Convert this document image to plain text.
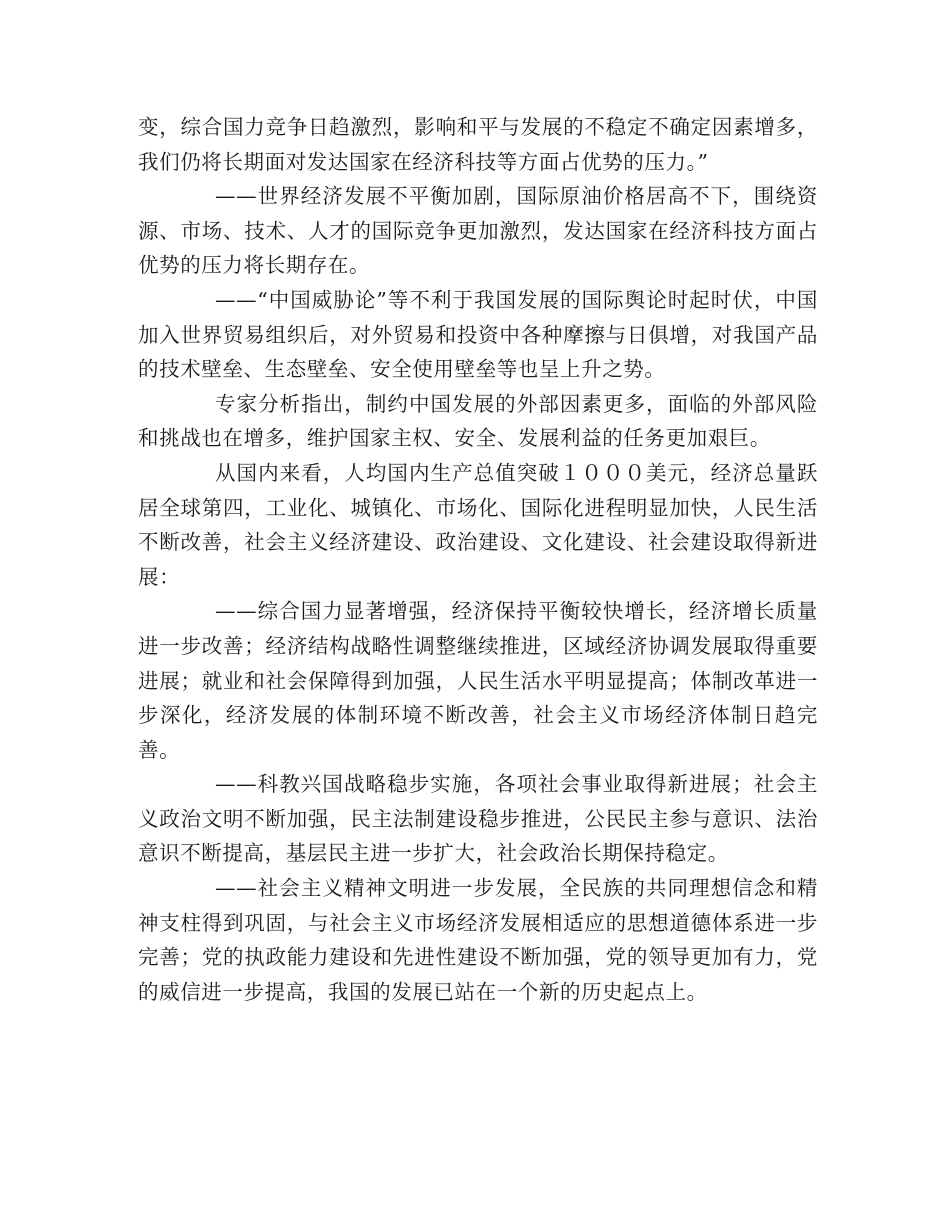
变，综合国力竞争日趋激烈，影响和平与发展的不稳定不确定因素增多，我们仍将长期面对发达国家在经济科技等方面占优势的压力。”

——世界经济发展不平衡加剧，国际原油价格居高不下，围绕资源、市场、技术、人才的国际竞争更加激烈，发达国家在经济科技方面占优势的压力将长期存在。

——“中国威胁论”等不利于我国发展的国际舆论时起时伏，中国加入世界贸易组织后，对外贸易和投资中各种摩擦与日俱增，对我国产品的技术壁垒、生态壁垒、安全使用壁垒等也呈上升之势。

专家分析指出，制约中国发展的外部因素更多，面临的外部风险和挑战也在增多，维护国家主权、安全、发展利益的任务更加艰巨。

从国内来看，人均国内生产总值突破１０００美元，经济总量跃居全球第四，工业化、城镇化、市场化、国际化进程明显加快，人民生活不断改善，社会主义经济建设、政治建设、文化建设、社会建设取得新进展：

——综合国力显著增强，经济保持平衡较快增长，经济增长质量进一步改善；经济结构战略性调整继续推进，区域经济协调发展取得重要进展；就业和社会保障得到加强，人民生活水平明显提高；体制改革进一步深化，经济发展的体制环境不断改善，社会主义市场经济体制日趋完善。

——科教兴国战略稳步实施，各项社会事业取得新进展；社会主义政治文明不断加强，民主法制建设稳步推进，公民民主参与意识、法治意识不断提高，基层民主进一步扩大，社会政治长期保持稳定。

——社会主义精神文明进一步发展，全民族的共同理想信念和精神支柱得到巩固，与社会主义市场经济发展相适应的思想道德体系进一步完善；党的执政能力建设和先进性建设不断加强，党的领导更加有力，党的威信进一步提高，我国的发展已站在一个新的历史起点上。
